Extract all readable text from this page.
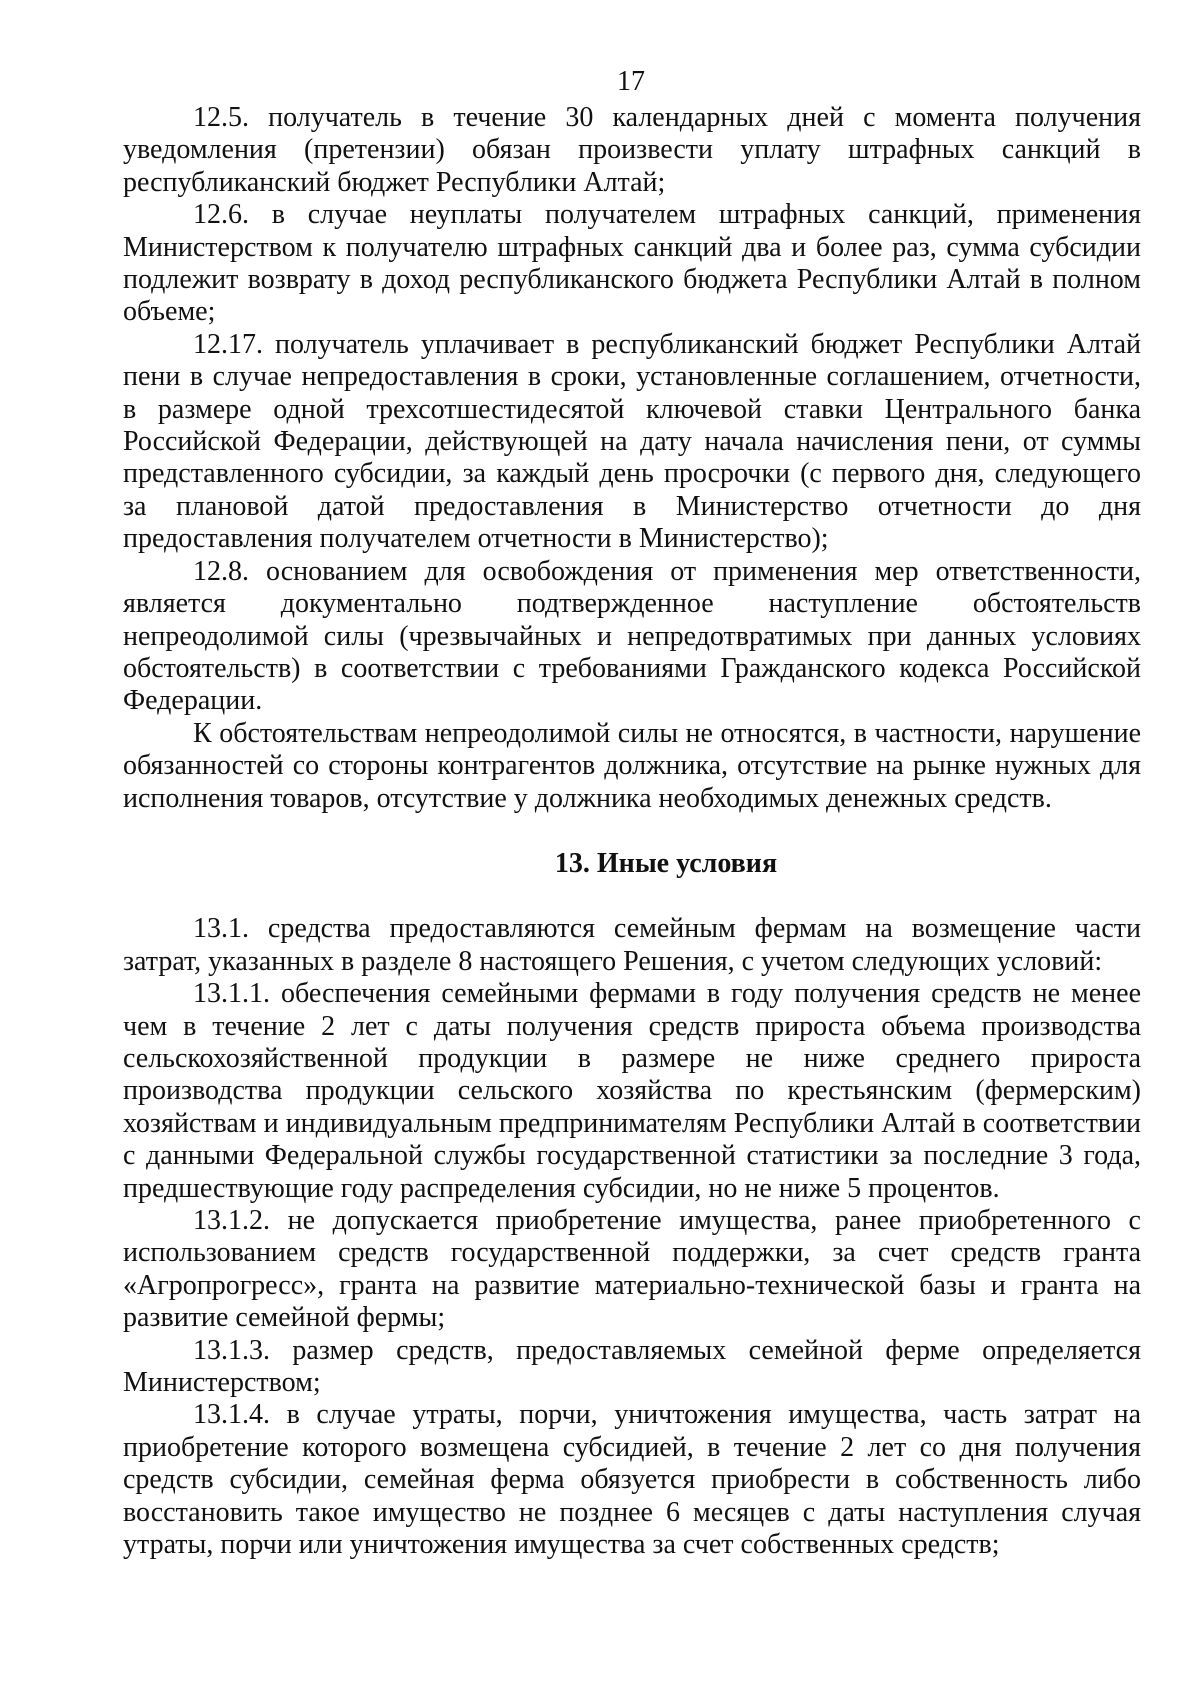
17

12.5. получатель в течение 30 календарных дней с момента получения уведомления (претензии) обязан произвести уплату штрафных санкций в республиканский бюджет Республики Алтай;

12.6. в случае неуплаты получателем штрафных санкций, применения Министерством к получателю штрафных санкций два и более раз, сумма субсидии подлежит возврату в доход республиканского бюджета Республики Алтай в полном объеме;

12.17. получатель уплачивает в республиканский бюджет Республики Алтай пени в случае непредоставления в сроки, установленные соглашением, отчетности, в размере одной трехсотшестидесятой ключевой ставки Центрального банка Российской Федерации, действующей на дату начала начисления пени, от суммы представленного субсидии, за каждый день просрочки (с первого дня, следующего за плановой датой предоставления в Министерство отчетности до дня предоставления получателем отчетности в Министерство);

12.8. основанием для освобождения от применения мер ответственности, является документально подтвержденное наступление обстоятельств непреодолимой силы (чрезвычайных и непредотвратимых при данных условиях обстоятельств) в соответствии с требованиями Гражданского кодекса Российской Федерации.

К обстоятельствам непреодолимой силы не относятся, в частности, нарушение обязанностей со стороны контрагентов должника, отсутствие на рынке нужных для исполнения товаров, отсутствие у должника необходимых денежных средств.

13. Иные условия

13.1. средства предоставляются семейным фермам на возмещение части затрат, указанных в разделе 8 настоящего Решения, с учетом следующих условий:

13.1.1. обеспечения семейными фермами в году получения средств не менее чем в течение 2 лет с даты получения средств прироста объема производства сельскохозяйственной продукции в размере не ниже среднего прироста производства продукции сельского хозяйства по крестьянским (фермерским) хозяйствам и индивидуальным предпринимателям Республики Алтай в соответствии с данными Федеральной службы государственной статистики за последние 3 года, предшествующие году распределения субсидии, но не ниже 5 процентов.

13.1.2. не допускается приобретение имущества, ранее приобретенного с использованием средств государственной поддержки, за счет средств гранта «Агропрогресс», гранта на развитие материально-технической базы и гранта на развитие семейной фермы;

13.1.3. размер средств, предоставляемых семейной ферме определяется Министерством;

13.1.4. в случае утраты, порчи, уничтожения имущества, часть затрат на приобретение которого возмещена субсидией, в течение 2 лет со дня получения средств субсидии, семейная ферма обязуется приобрести в собственность либо восстановить такое имущество не позднее 6 месяцев с даты наступления случая утраты, порчи или уничтожения имущества за счет собственных средств;
